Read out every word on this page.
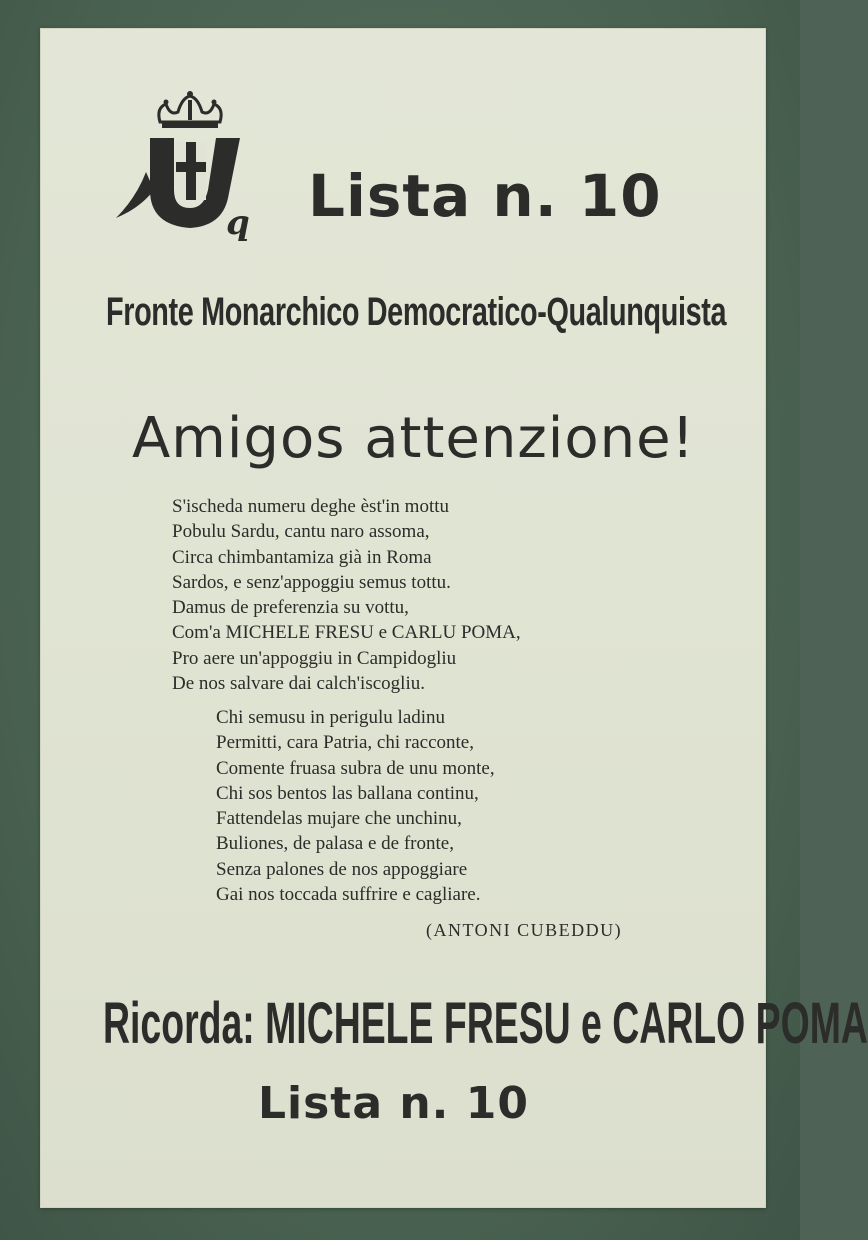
q Lista n. 10
Fronte Monarchico Democratico-Qualunquista
Amigos attenzione!
S'ischeda numeru deghe èst'in mottu
Pobulu Sardu, cantu naro assoma,
Circa chimbantamiza già in Roma
Sardos, e senz'appoggiu semus tottu.
Damus de preferenzia su vottu,
Com'a MICHELE FRESU e CARLU POMA,
Pro aere un'appoggiu in Campidogliu
De nos salvare dai calch'iscogliu.
Chi semusu in perigulu ladinu
Permitti, cara Patria, chi racconte,
Comente fruasa subra de unu monte,
Chi sos bentos las ballana continu,
Fattendelas mujare che unchinu,
Buliones, de palasa e de fronte,
Senza palones de nos appoggiare
Gai nos toccada suffrire e cagliare.
(ANTONI CUBEDDU)
Ricorda: MICHELE FRESU e CARLO POMA
Lista n. 10
